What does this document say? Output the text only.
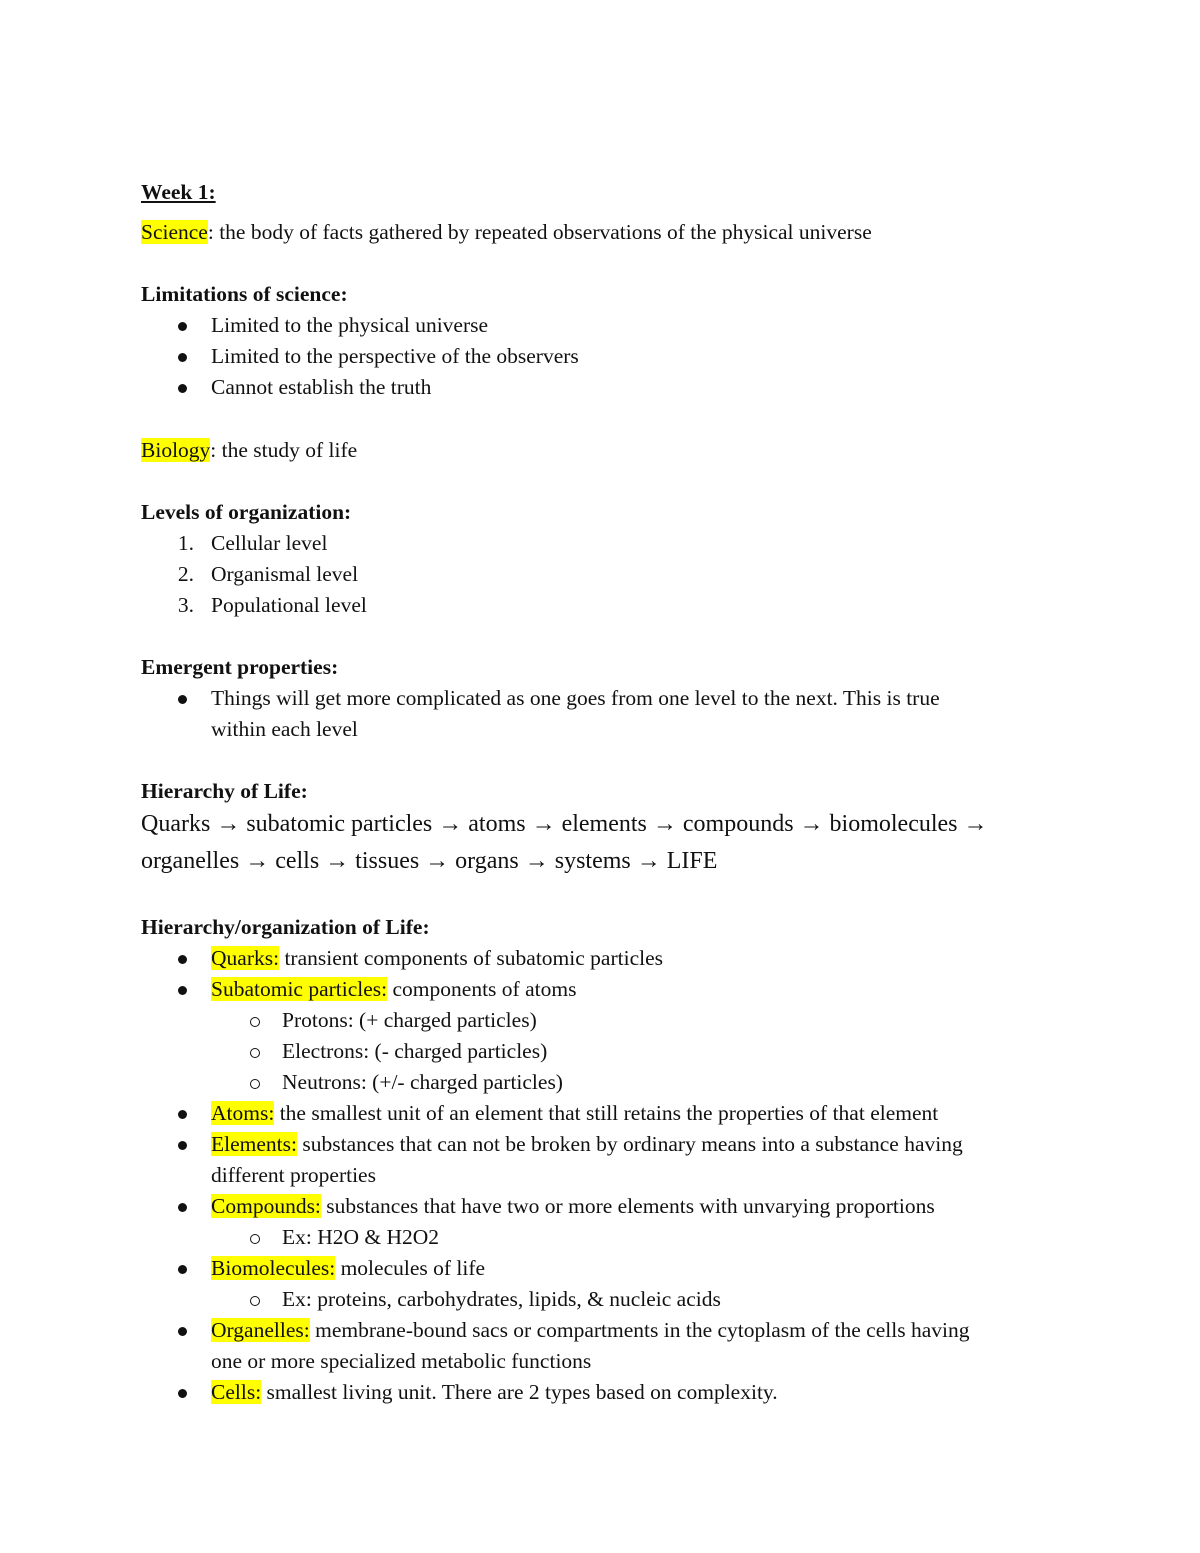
Week 1:
Science: the body of facts gathered by repeated observations of the physical universe
Limitations of science:
Limited to the physical universe
Limited to the perspective of the observers
Cannot establish the truth
Biology: the study of life
Levels of organization:
1. Cellular level
2. Organismal level
3. Populational level
Emergent properties:
Things will get more complicated as one goes from one level to the next. This is true
within each level
Hierarchy of Life:
Quarks → subatomic particles → atoms → elements → compounds → biomolecules →
organelles → cells → tissues → organs → systems → LIFE
Hierarchy/organization of Life:
Quarks: transient components of subatomic particles
Subatomic particles: components of atoms
Protons: (+ charged particles)
Electrons: (- charged particles)
Neutrons: (+/- charged particles)
Atoms: the smallest unit of an element that still retains the properties of that element
Elements: substances that can not be broken by ordinary means into a substance having
different properties
Compounds: substances that have two or more elements with unvarying proportions
Ex: H2O & H2O2
Biomolecules: molecules of life
Ex: proteins, carbohydrates, lipids, & nucleic acids
Organelles: membrane-bound sacs or compartments in the cytoplasm of the cells having
one or more specialized metabolic functions
Cells: smallest living unit. There are 2 types based on complexity.
